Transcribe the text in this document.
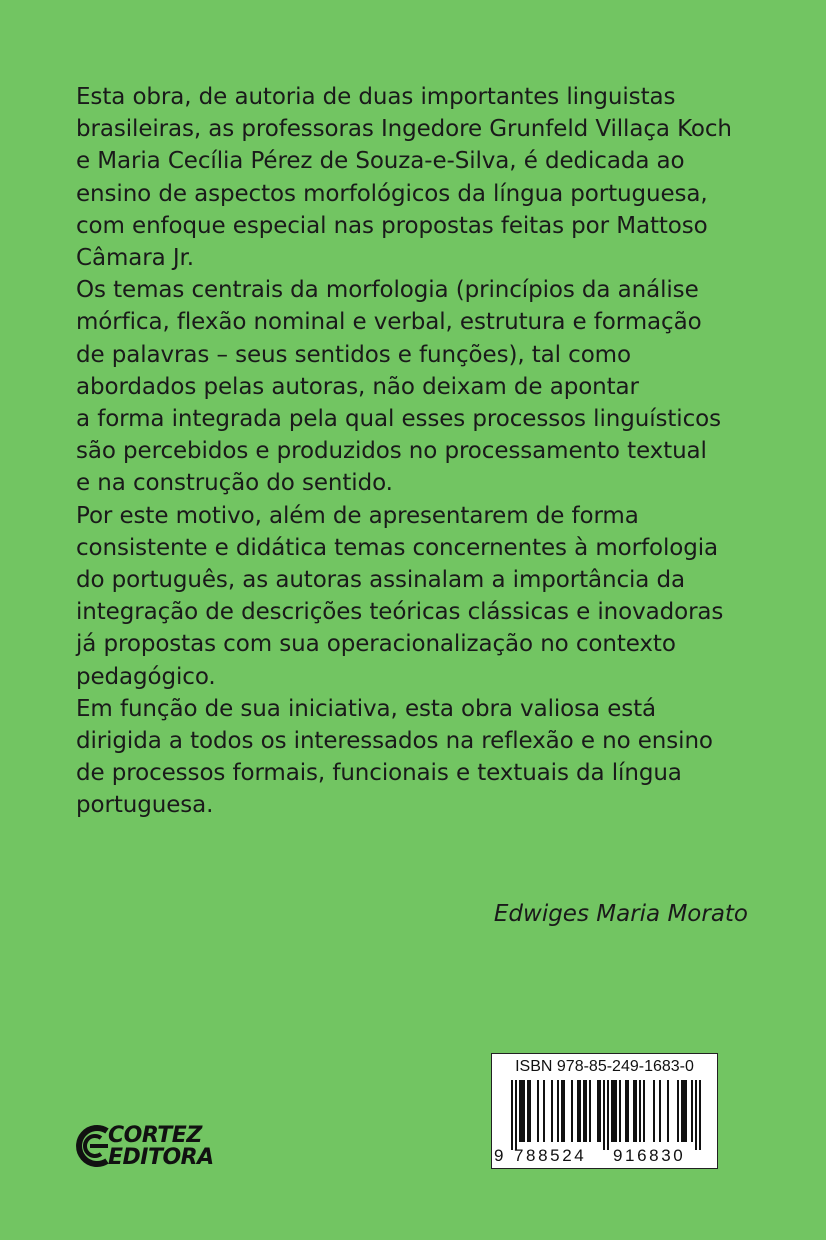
Esta obra, de autoria de duas importantes linguistas
brasileiras, as professoras Ingedore Grunfeld Villaça Koch
e Maria Cecília Pérez de Souza-e-Silva, é dedicada ao
ensino de aspectos morfológicos da língua portuguesa,
com enfoque especial nas propostas feitas por Mattoso
Câmara Jr.

Os temas centrais da morfologia (princípios da análise
mórfica, flexão nominal e verbal, estrutura e formação
de palavras – seus sentidos e funções), tal como
abordados pelas autoras, não deixam de apontar
a forma integrada pela qual esses processos linguísticos
são percebidos e produzidos no processamento textual
e na construção do sentido.

Por este motivo, além de apresentarem de forma
consistente e didática temas concernentes à morfologia
do português, as autoras assinalam a importância da
integração de descrições teóricas clássicas e inovadoras
já propostas com sua operacionalização no contexto
pedagógico.

Em função de sua iniciativa, esta obra valiosa está
dirigida a todos os interessados na reflexão e no ensino
de processos formais, funcionais e textuais da língua
portuguesa.

Edwiges Maria Morato
CORTEZ
EDITORA
ISBN 978-85-249-1683-0
9 788524 916830
